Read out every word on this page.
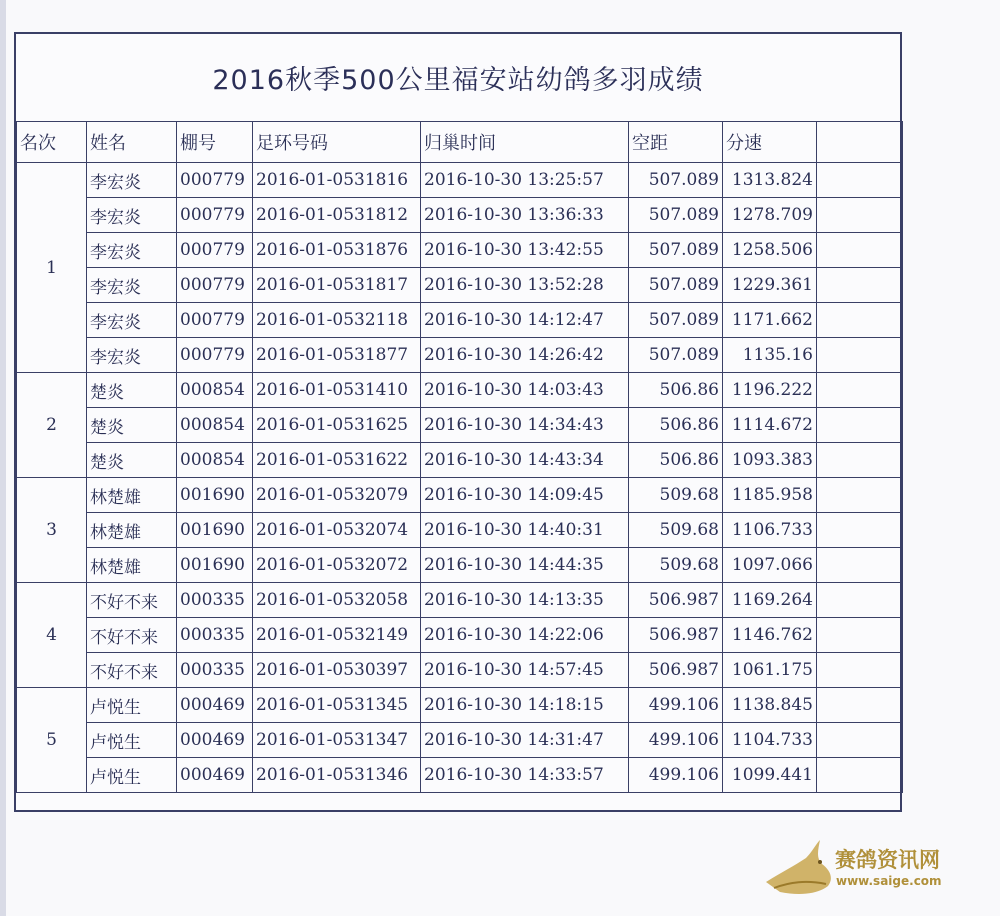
2016秋季500公里福安站幼鸽多羽成绩
名次	姓名	棚号	足环号码	归巢时间	空距	分速	
1	李宏炎	000779	2016-01-0531816	2016-10-30 13:25:57	507.089	1313.824	
	李宏炎	000779	2016-01-0531812	2016-10-30 13:36:33	507.089	1278.709	
	李宏炎	000779	2016-01-0531876	2016-10-30 13:42:55	507.089	1258.506	
	李宏炎	000779	2016-01-0531817	2016-10-30 13:52:28	507.089	1229.361	
	李宏炎	000779	2016-01-0532118	2016-10-30 14:12:47	507.089	1171.662	
	李宏炎	000779	2016-01-0531877	2016-10-30 14:26:42	507.089	1135.16	
2	楚炎	000854	2016-01-0531410	2016-10-30 14:03:43	506.86	1196.222	
	楚炎	000854	2016-01-0531625	2016-10-30 14:34:43	506.86	1114.672	
	楚炎	000854	2016-01-0531622	2016-10-30 14:43:34	506.86	1093.383	
3	林楚雄	001690	2016-01-0532079	2016-10-30 14:09:45	509.68	1185.958	
	林楚雄	001690	2016-01-0532074	2016-10-30 14:40:31	509.68	1106.733	
	林楚雄	001690	2016-01-0532072	2016-10-30 14:44:35	509.68	1097.066	
4	不好不来	000335	2016-01-0532058	2016-10-30 14:13:35	506.987	1169.264	
	不好不来	000335	2016-01-0532149	2016-10-30 14:22:06	506.987	1146.762	
	不好不来	000335	2016-01-0530397	2016-10-30 14:57:45	506.987	1061.175	
5	卢悦生	000469	2016-01-0531345	2016-10-30 14:18:15	499.106	1138.845	
	卢悦生	000469	2016-01-0531347	2016-10-30 14:31:47	499.106	1104.733	
	卢悦生	000469	2016-01-0531346	2016-10-30 14:33:57	499.106	1099.441	
赛鸽资讯网
www.saige.com
